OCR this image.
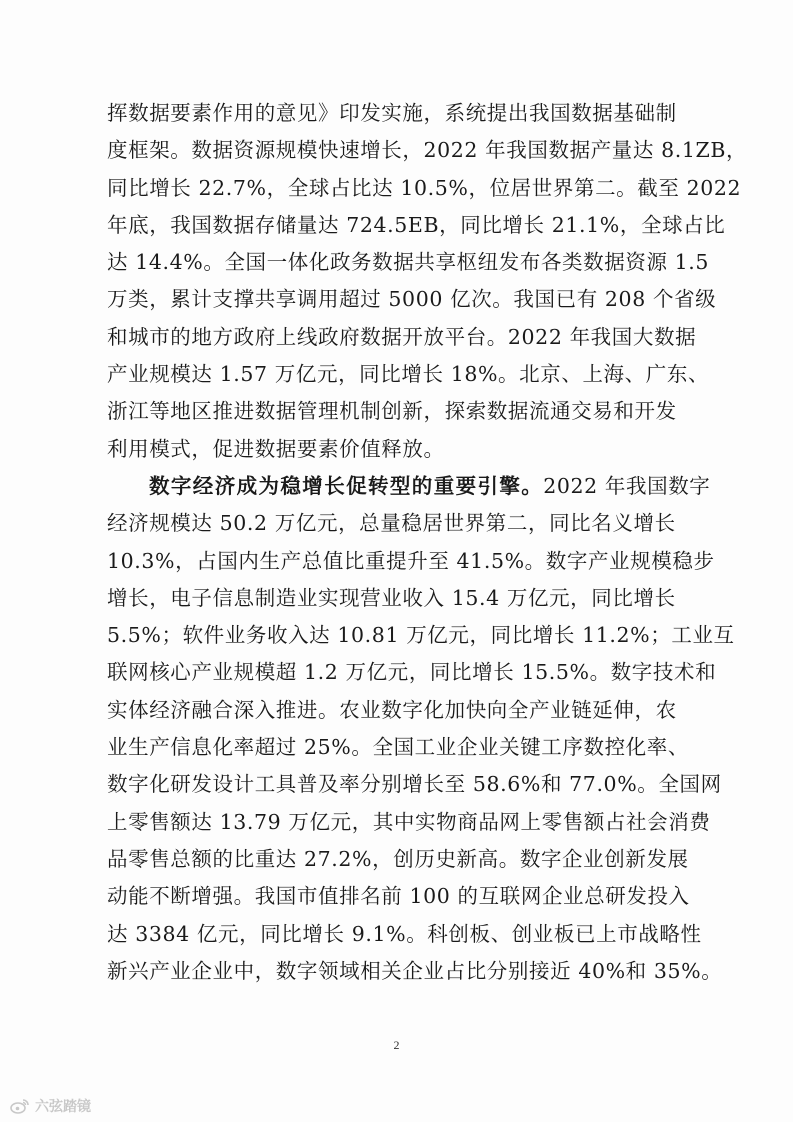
挥数据要素作用的意见》印发实施，系统提出我国数据基础制
度框架。数据资源规模快速增长，2022 年我国数据产量达 8.1ZB，
同比增长 22.7%，全球占比达 10.5%，位居世界第二。截至 2022
年底，我国数据存储量达 724.5EB，同比增长 21.1%，全球占比
达 14.4%。全国一体化政务数据共享枢纽发布各类数据资源 1.5
万类，累计支撑共享调用超过 5000 亿次。我国已有 208 个省级
和城市的地方政府上线政府数据开放平台。2022 年我国大数据
产业规模达 1.57 万亿元，同比增长 18%。北京、上海、广东、
浙江等地区推进数据管理机制创新，探索数据流通交易和开发
利用模式，促进数据要素价值释放。
数字经济成为稳增长促转型的重要引擎。2022 年我国数字
经济规模达 50.2 万亿元，总量稳居世界第二，同比名义增长
10.3%，占国内生产总值比重提升至 41.5%。数字产业规模稳步
增长，电子信息制造业实现营业收入 15.4 万亿元，同比增长
5.5%；软件业务收入达 10.81 万亿元，同比增长 11.2%；工业互
联网核心产业规模超 1.2 万亿元，同比增长 15.5%。数字技术和
实体经济融合深入推进。农业数字化加快向全产业链延伸，农
业生产信息化率超过 25%。全国工业企业关键工序数控化率、
数字化研发设计工具普及率分别增长至 58.6%和 77.0%。全国网
上零售额达 13.79 万亿元，其中实物商品网上零售额占社会消费
品零售总额的比重达 27.2%，创历史新高。数字企业创新发展
动能不断增强。我国市值排名前 100 的互联网企业总研发投入
达 3384 亿元，同比增长 9.1%。科创板、创业板已上市战略性
新兴产业企业中，数字领域相关企业占比分别接近 40%和 35%。
2
六弦踏镜
